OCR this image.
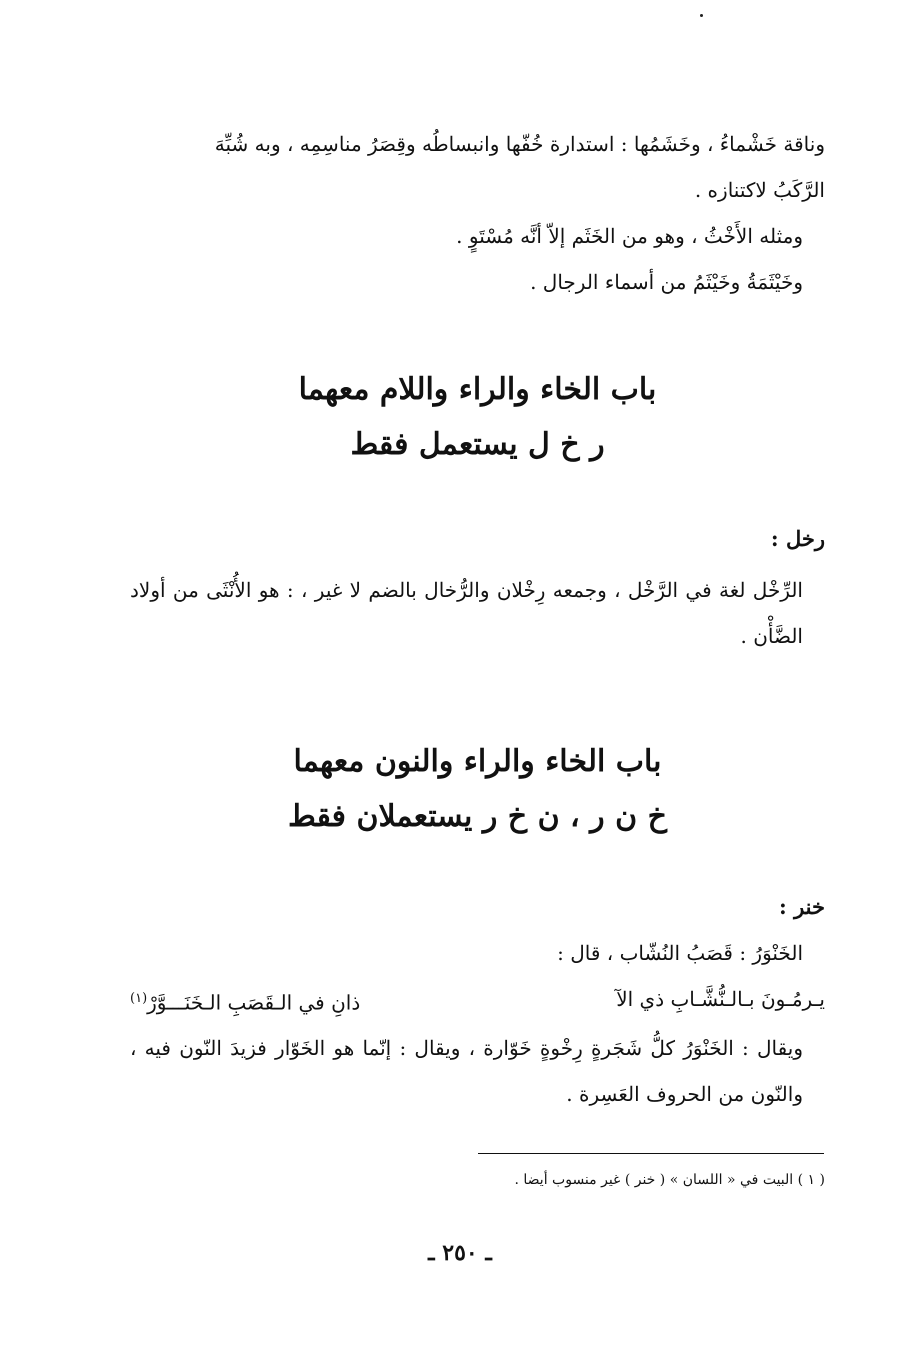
وناقة خَشْماءُ ، وخَشَمُها : استدارة خُفّها وانبساطُه وقِصَرُ مناسِمِه ، وبه شُبِّهَ
الرَّكَبُ لاكتنازه .
ومثله الأَخْثُ ، وهو من الخَثَم إلاّ أنَّه مُسْتَوٍ .
وخَيْثَمَةُ وخَيْثَمُ من أسماء الرجال .
باب الخاء والراء واللام معهما
ر خ ل يستعمل فقط
رخل :
الرِّخْل لغة في الرَّخْل ، وجمعه رِخْلان والرُّخال بالضم لا غير ، : هو الأُنْثَى من أولاد الضَّأْن .
باب الخاء والراء والنون معهما
خ ن ر ، ن خ ر يستعملان فقط
خنر :
الخَنْوَرُ : قَصَبُ النُشّاب ، قال :
يـرمُـونَ بـالـنُّشَّـابِ ذي الآ
ذانِ في الـقَصَبِ الـخَنَـــوَّرْ$^{(١)}$
ويقال : الخَنْوَرُ كلُّ شَجَرةٍ رِخْوةٍ خَوّارة ، ويقال : إنّما هو الخَوّار فزيدَ النّون فيه ، والنّون من الحروف العَسِرة .
( ١ ) البيت في « اللسان » ( خنر ) غير منسوب أيضا .
ـ ٢٥٠ ـ
